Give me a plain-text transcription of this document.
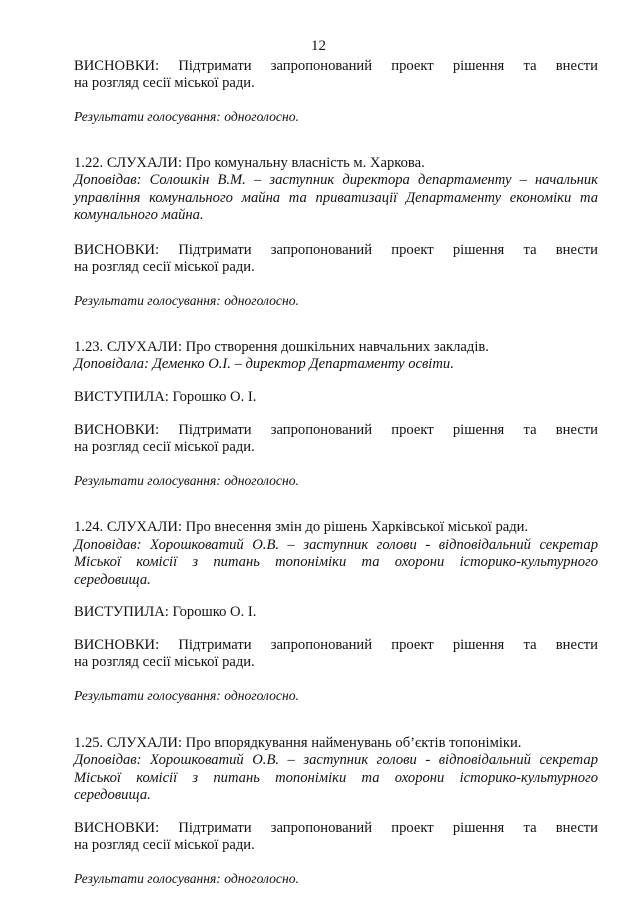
12

ВИСНОВКИ: Підтримати запропонований проект рішення та внести

на розгляд сесії міської ради.

Результати голосування: одноголосно.

1.22. СЛУХАЛИ: Про комунальну власність м. Харкова.

Доповідав: Солошкін В.М. – заступник директора департаменту – начальник

управління комунального майна та приватизації Департаменту економіки та

комунального майна.

ВИСНОВКИ: Підтримати запропонований проект рішення та внести

на розгляд сесії міської ради.

Результати голосування: одноголосно.

1.23. СЛУХАЛИ: Про створення дошкільних навчальних закладів.

Доповідала: Деменко О.І. – директор Департаменту освіти.

ВИСТУПИЛА: Горошко О. І.

ВИСНОВКИ: Підтримати запропонований проект рішення та внести

на розгляд сесії міської ради.

Результати голосування: одноголосно.

1.24. СЛУХАЛИ: Про внесення змін до рішень Харківської міської ради.

Доповідав: Хорошковатий О.В. – заступник голови - відповідальний секретар

Міської комісії з питань топоніміки та охорони історико-культурного

середовища.

ВИСТУПИЛА: Горошко О. І.

ВИСНОВКИ: Підтримати запропонований проект рішення та внести

на розгляд сесії міської ради.

Результати голосування: одноголосно.

1.25. СЛУХАЛИ: Про впорядкування найменувань об’єктів топоніміки.

Доповідав: Хорошковатий О.В. – заступник голови - відповідальний секретар

Міської комісії з питань топоніміки та охорони історико-культурного

середовища.

ВИСНОВКИ: Підтримати запропонований проект рішення та внести

на розгляд сесії міської ради.

Результати голосування: одноголосно.
